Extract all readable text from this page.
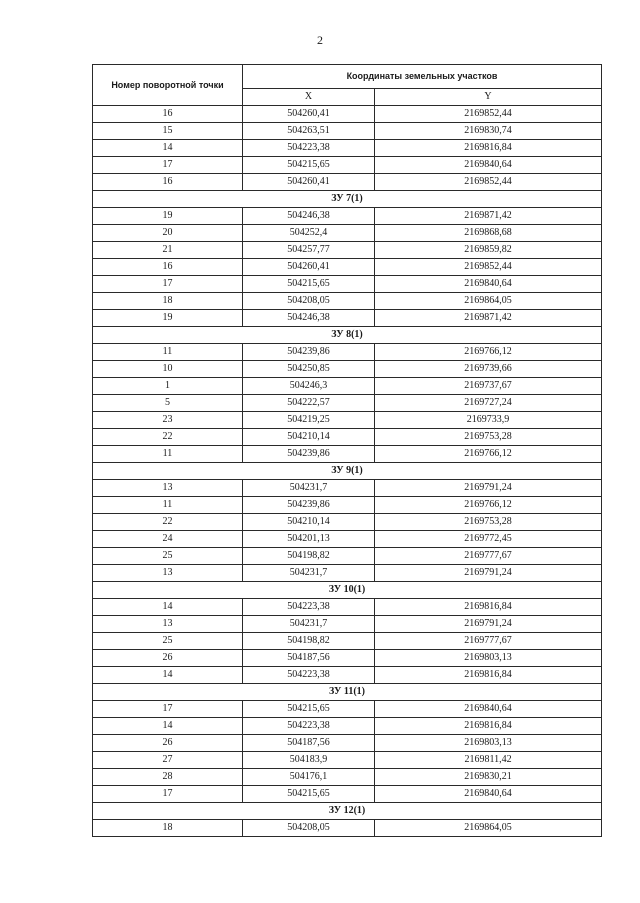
2
Номер поворотной точки	Координаты земельных участков	
	X	Y
16	504260,41	2169852,44
15	504263,51	2169830,74
14	504223,38	2169816,84
17	504215,65	2169840,64
16	504260,41	2169852,44
ЗУ 7(1)		
19	504246,38	2169871,42
20	504252,4	2169868,68
21	504257,77	2169859,82
16	504260,41	2169852,44
17	504215,65	2169840,64
18	504208,05	2169864,05
19	504246,38	2169871,42
ЗУ 8(1)		
11	504239,86	2169766,12
10	504250,85	2169739,66
1	504246,3	2169737,67
5	504222,57	2169727,24
23	504219,25	2169733,9
22	504210,14	2169753,28
11	504239,86	2169766,12
ЗУ 9(1)		
13	504231,7	2169791,24
11	504239,86	2169766,12
22	504210,14	2169753,28
24	504201,13	2169772,45
25	504198,82	2169777,67
13	504231,7	2169791,24
ЗУ 10(1)		
14	504223,38	2169816,84
13	504231,7	2169791,24
25	504198,82	2169777,67
26	504187,56	2169803,13
14	504223,38	2169816,84
ЗУ 11(1)		
17	504215,65	2169840,64
14	504223,38	2169816,84
26	504187,56	2169803,13
27	504183,9	2169811,42
28	504176,1	2169830,21
17	504215,65	2169840,64
ЗУ 12(1)		
18	504208,05	2169864,05
